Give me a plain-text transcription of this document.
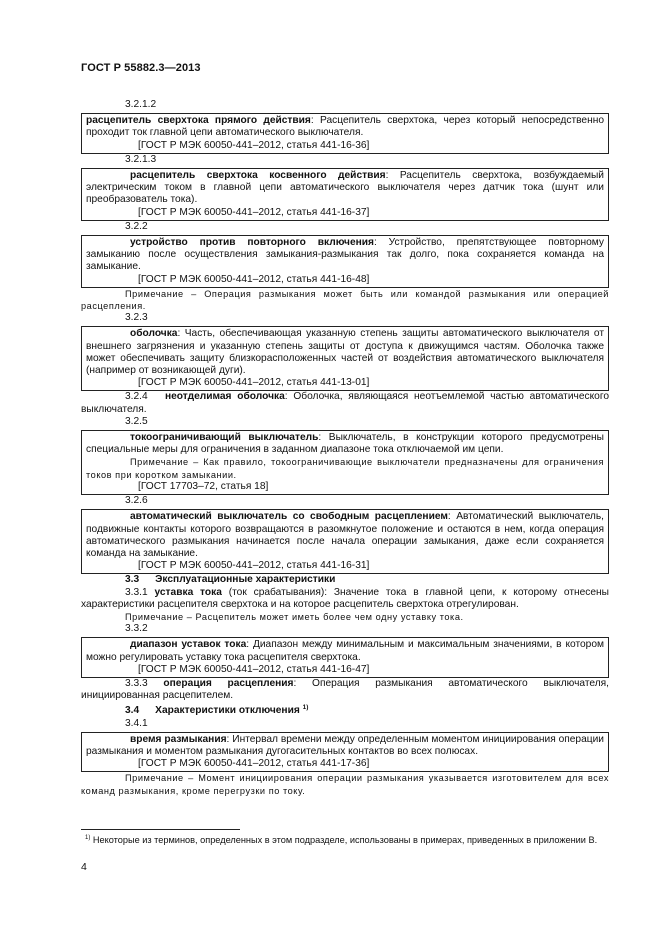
ГОСТ Р 55882.3—2013
3.2.1.2

расцепитель сверхтока прямого действия: Расцепитель сверхтока, через который непосредственно проходит ток главной цепи автоматического выключателя.

[ГОСТ Р МЭК 60050-441–2012, статья 441-16-36]

3.2.1.3

расцепитель сверхтока косвенного действия: Расцепитель сверхтока, возбуждаемый электрическим током в главной цепи автоматического выключателя через датчик тока (шунт или преобразователь тока).

[ГОСТ Р МЭК 60050-441–2012, статья 441-16-37]

3.2.2

устройство против повторного включения: Устройство, препятствующее повторному замыканию после осуществления замыкания-размыкания так долго, пока сохраняется команда на замыкание.

[ГОСТ Р МЭК 60050-441–2012, статья 441-16-48]

Примечание – Операция размыкания может быть или командой размыкания или операцией расцепления.

3.2.3

оболочка: Часть, обеспечивающая указанную степень защиты автоматического выключателя от внешнего загрязнения и указанную степень защиты от доступа к движущимся частям. Оболочка также может обеспечивать защиту близкорасположенных частей от воздействия автоматического выключателя (например от возникающей дуги).

[ГОСТ Р МЭК 60050-441–2012, статья 441-13-01]

3.2.4 неотделимая оболочка: Оболочка, являющаяся неотъемлемой частью автоматического выключателя.

3.2.5

токоограничивающий выключатель: Выключатель, в конструкции которого предусмотрены специальные меры для ограничения в заданном диапазоне тока отключаемой им цепи.

Примечание – Как правило, токоограничивающие выключатели предназначены для ограничения токов при коротком замыкании.

[ГОСТ 17703–72, статья 18]

3.2.6

автоматический выключатель со свободным расцеплением: Автоматический выключатель, подвижные контакты которого возвращаются в разомкнутое положение и остаются в нем, когда операция автоматического размыкания начинается после начала операции замыкания, даже если сохраняется команда на замыкание.

[ГОСТ Р МЭК 60050-441–2012, статья 441-16-31]

3.3 Эксплуатационные характеристики

3.3.1 уставка тока (ток срабатывания): Значение тока в главной цепи, к которому отнесены характеристики расцепителя сверхтока и на которое расцепитель сверхтока отрегулирован.

Примечание – Расцепитель может иметь более чем одну уставку тока.

3.3.2

диапазон уставок тока: Диапазон между минимальным и максимальным значениями, в котором можно регулировать уставку тока расцепителя сверхтока.

[ГОСТ Р МЭК 60050-441–2012, статья 441-16-47]

3.3.3 операция расцепления: Операция размыкания автоматического выключателя, инициированная расцепителем.

3.4 Характеристики отключения $^{1)}$
3.4.1

время размыкания: Интервал времени между определенным моментом инициирования операции размыкания и моментом размыкания дугогасительных контактов во всех полюсах.

[ГОСТ Р МЭК 60050-441–2012, статья 441-17-36]

Примечание – Момент инициирования операции размыкания указывается изготовителем для всех команд размыкания, кроме перегрузки по току.

$^{1)}$ Некоторые из терминов, определенных в этом подразделе, использованы в примерах, приведенных в приложении В.
4
